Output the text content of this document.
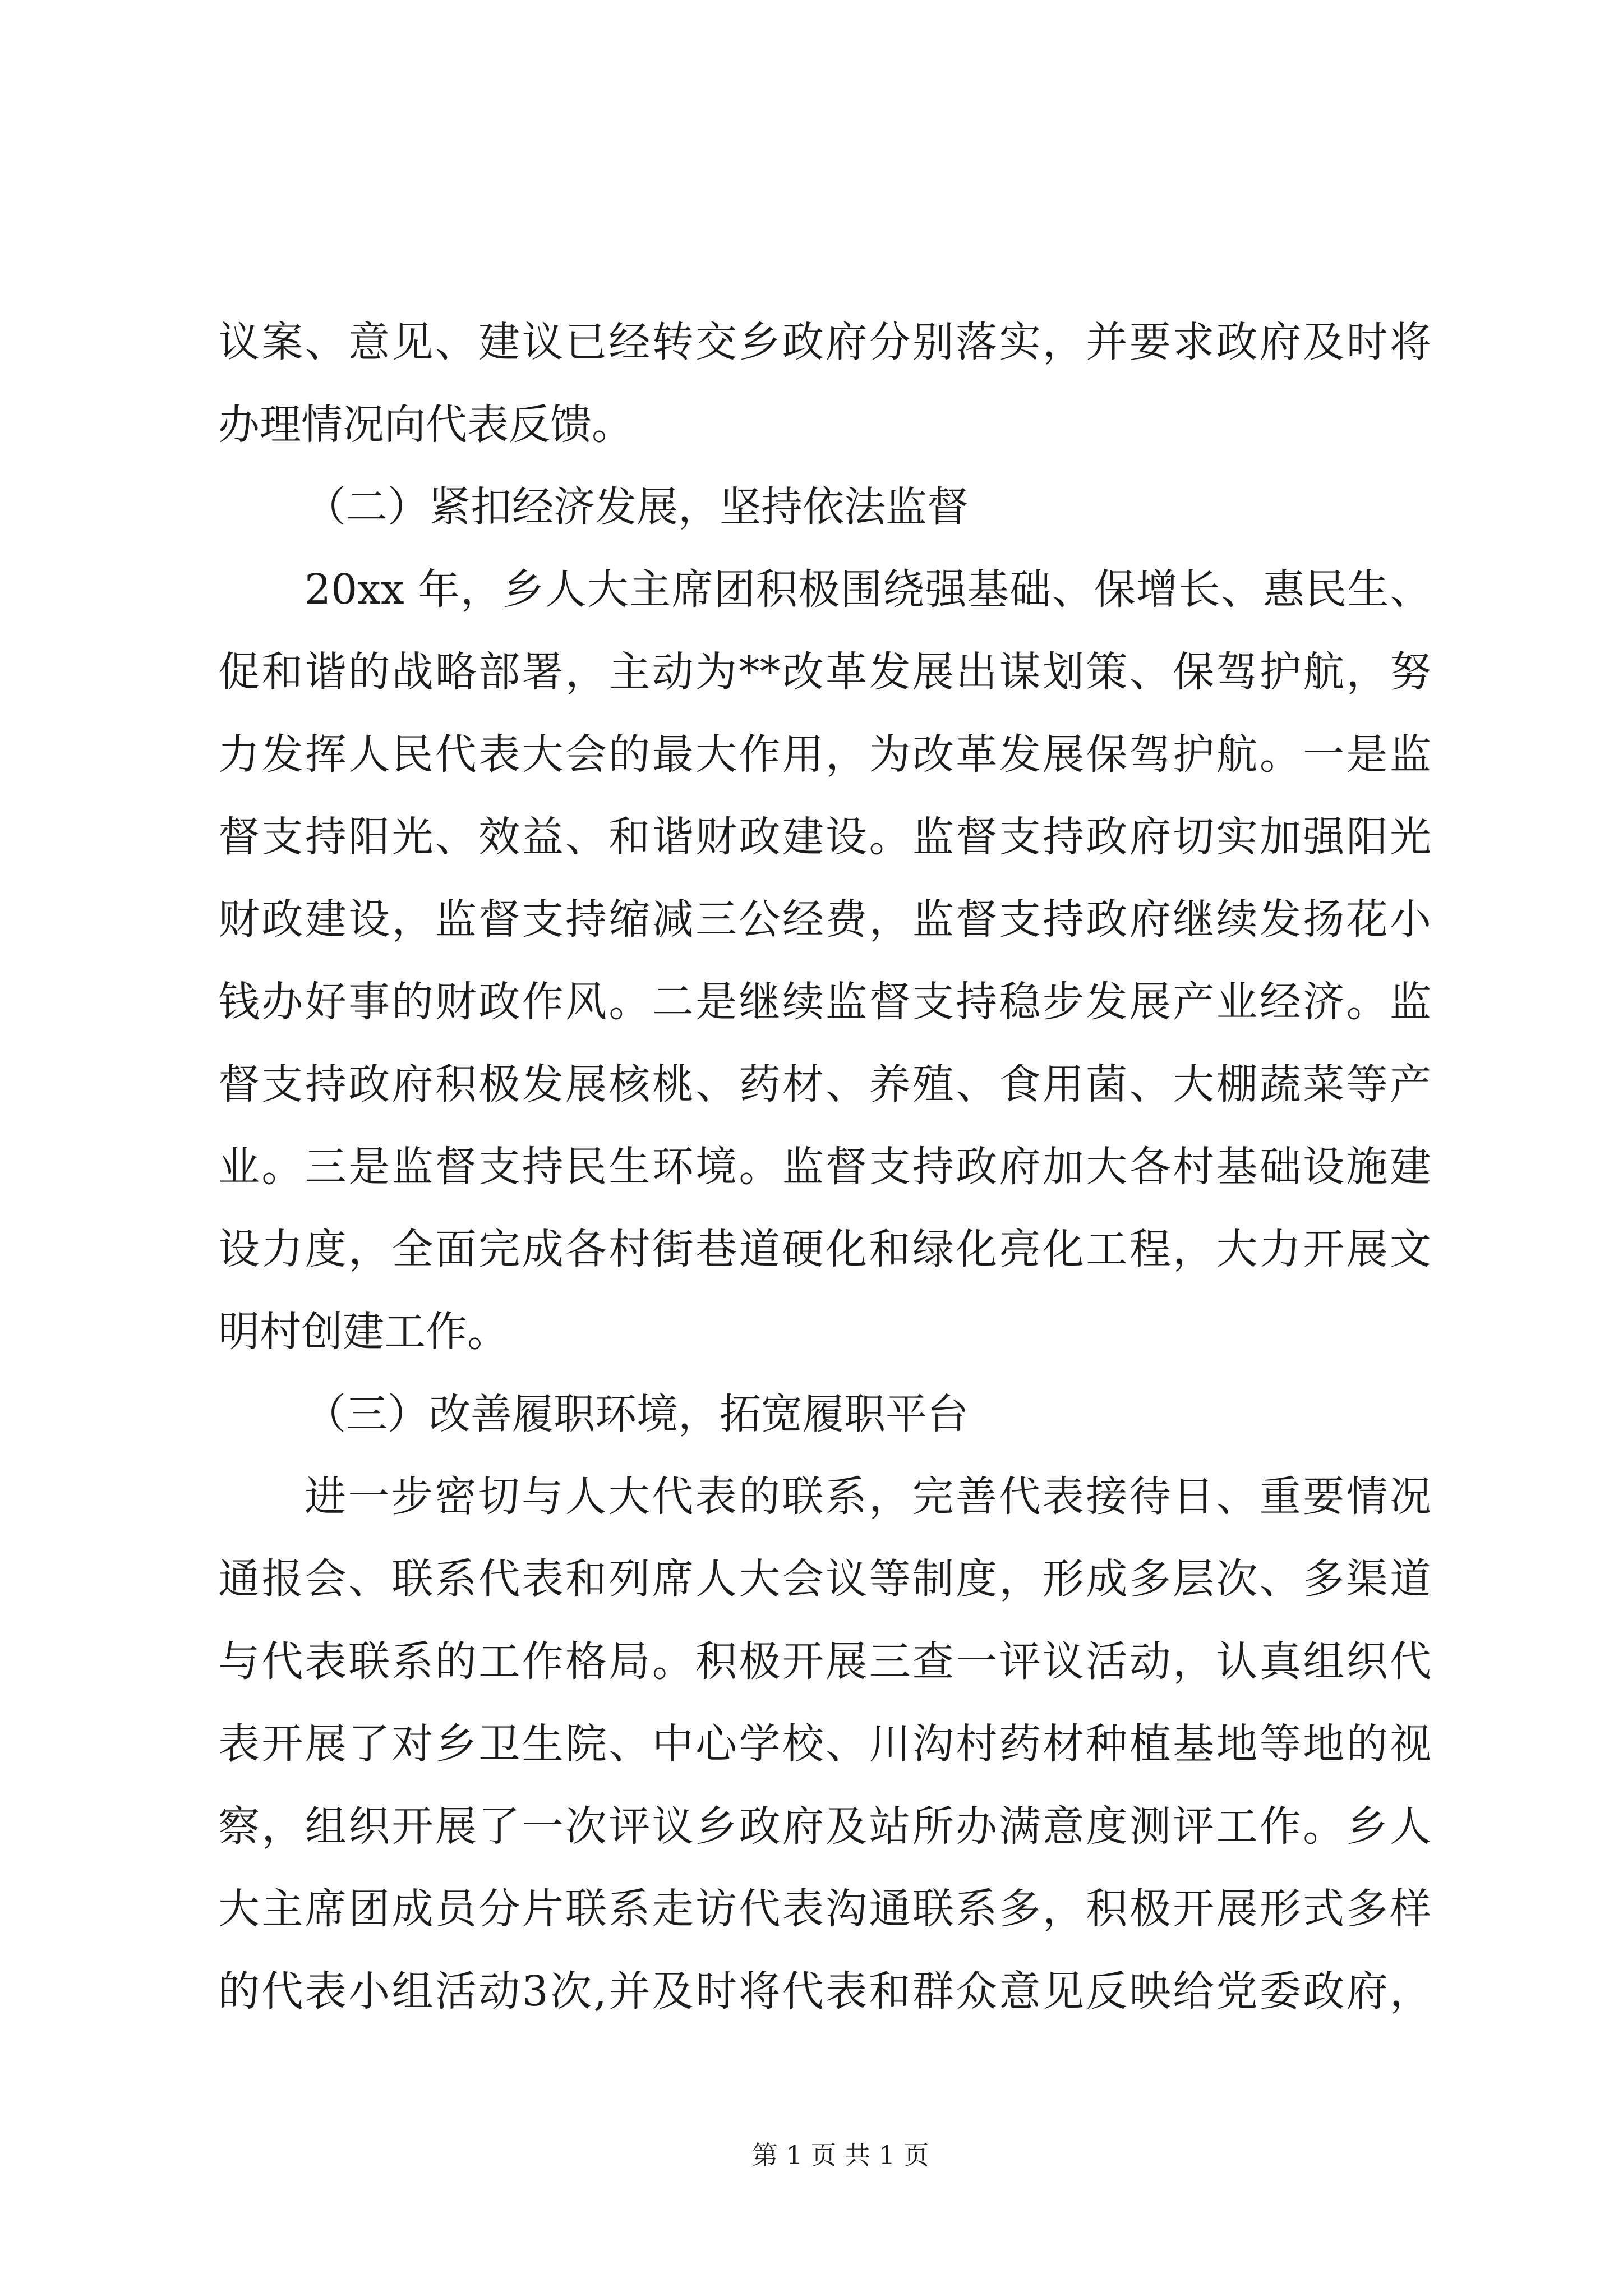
议案、意见、建议已经转交乡政府分别落实，并要求政府及时将
办理情况向代表反馈。
（二）紧扣经济发展，坚持依法监督
20xx 年，乡人大主席团积极围绕强基础、保增长、惠民生、
促和谐的战略部署，主动为**改革发展出谋划策、保驾护航，努
力发挥人民代表大会的最大作用，为改革发展保驾护航。一是监
督支持阳光、效益、和谐财政建设。监督支持政府切实加强阳光
财政建设，监督支持缩减三公经费，监督支持政府继续发扬花小
钱办好事的财政作风。二是继续监督支持稳步发展产业经济。监
督支持政府积极发展核桃、药材、养殖、食用菌、大棚蔬菜等产
业。三是监督支持民生环境。监督支持政府加大各村基础设施建
设力度，全面完成各村街巷道硬化和绿化亮化工程，大力开展文
明村创建工作。
（三）改善履职环境，拓宽履职平台
进一步密切与人大代表的联系，完善代表接待日、重要情况
通报会、联系代表和列席人大会议等制度，形成多层次、多渠道
与代表联系的工作格局。积极开展三查一评议活动，认真组织代
表开展了对乡卫生院、中心学校、川沟村药材种植基地等地的视
察，组织开展了一次评议乡政府及站所办满意度测评工作。乡人
大主席团成员分片联系走访代表沟通联系多，积极开展形式多样
的代表小组活动3次,并及时将代表和群众意见反映给党委政府，
第 1 页 共 1 页
